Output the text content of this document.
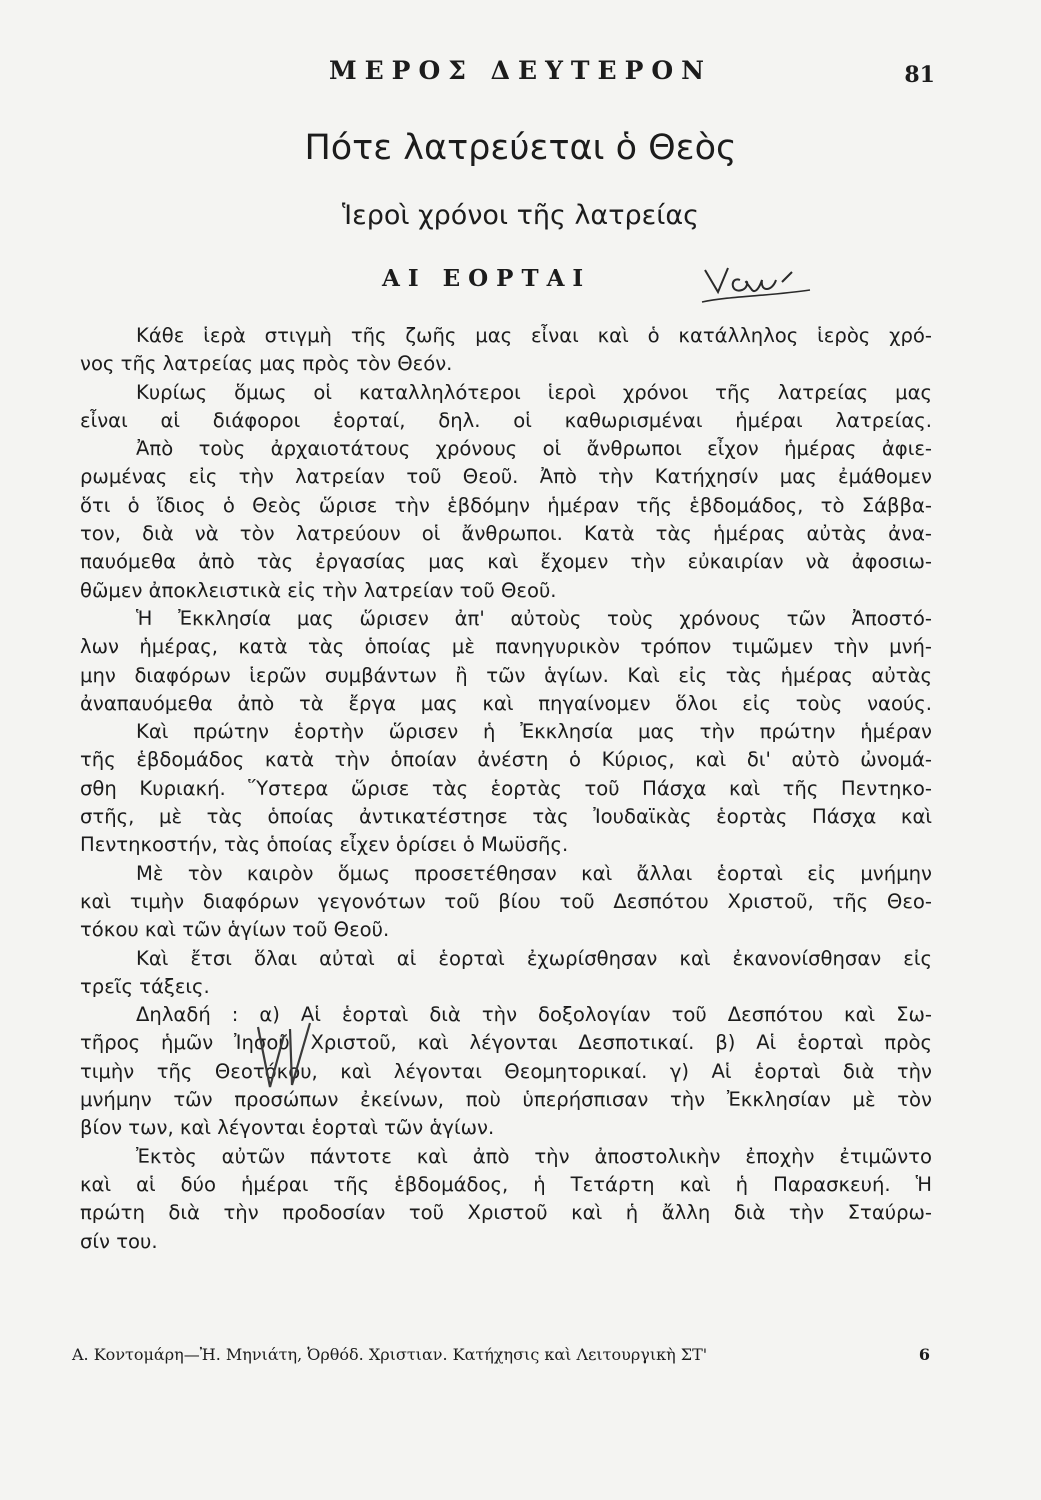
ΜΕΡΟΣ ΔΕΥΤΕΡΟΝ	81
Πότε λατρεύεται ὁ Θεὸς
Ἱεροὶ χρόνοι τῆς λατρείας
ΑΙ ΕΟΡΤΑΙ
Κάθε ἱερὰ στιγμὴ τῆς ζωῆς μας εἶναι καὶ ὁ κατάλληλος ἱερὸς χρό-
νος τῆς λατρείας μας πρὸς τὸν Θεόν.
Κυρίως ὅμως οἱ καταλληλότεροι ἱεροὶ χρόνοι τῆς λατρείας μας
εἶναι αἱ διάφοροι ἑορταί, δηλ. οἱ καθωρισμέναι ἡμέραι λατρείας.
Ἀπὸ τοὺς ἀρχαιοτάτους χρόνους οἱ ἄνθρωποι εἶχον ἡμέρας ἀφιε-
ρωμένας εἰς τὴν λατρείαν τοῦ Θεοῦ. Ἀπὸ τὴν Κατήχησίν μας ἐμάθομεν
ὅτι ὁ ἴδιος ὁ Θεὸς ὥρισε τὴν ἑβδόμην ἡμέραν τῆς ἑβδομάδος, τὸ Σάββα-
τον, διὰ νὰ τὸν λατρεύουν οἱ ἄνθρωποι. Κατὰ τὰς ἡμέρας αὐτὰς ἀνα-
παυόμεθα ἀπὸ τὰς ἐργασίας μας καὶ ἔχομεν τὴν εὐκαιρίαν νὰ ἀφοσιω-
θῶμεν ἀποκλειστικὰ εἰς τὴν λατρείαν τοῦ Θεοῦ.
Ἡ Ἐκκλησία μας ὥρισεν ἀπ' αὐτοὺς τοὺς χρόνους τῶν Ἀποστό-
λων ἡμέρας, κατὰ τὰς ὁποίας μὲ πανηγυρικὸν τρόπον τιμῶμεν τὴν μνή-
μην διαφόρων ἱερῶν συμβάντων ἢ τῶν ἁγίων. Καὶ εἰς τὰς ἡμέρας αὐτὰς
ἀναπαυόμεθα ἀπὸ τὰ ἔργα μας καὶ πηγαίνομεν ὅλοι εἰς τοὺς ναούς.
Καὶ πρώτην ἑορτὴν ὥρισεν ἡ Ἐκκλησία μας τὴν πρώτην ἡμέραν
τῆς ἑβδομάδος κατὰ τὴν ὁποίαν ἀνέστη ὁ Κύριος, καὶ δι' αὐτὸ ὠνομά-
σθη Κυριακή. Ὕστερα ὥρισε τὰς ἑορτὰς τοῦ Πάσχα καὶ τῆς Πεντηκο-
στῆς, μὲ τὰς ὁποίας ἀντικατέστησε τὰς Ἰουδαϊκὰς ἑορτὰς Πάσχα καὶ
Πεντηκοστήν, τὰς ὁποίας εἶχεν ὁρίσει ὁ Μωϋσῆς.
Μὲ τὸν καιρὸν ὅμως προσετέθησαν καὶ ἄλλαι ἑορταὶ εἰς μνήμην
καὶ τιμὴν διαφόρων γεγονότων τοῦ βίου τοῦ Δεσπότου Χριστοῦ, τῆς Θεο-
τόκου καὶ τῶν ἁγίων τοῦ Θεοῦ.
Καὶ ἔτσι ὅλαι αὐταὶ αἱ ἑορταὶ ἐχωρίσθησαν καὶ ἐκανονίσθησαν εἰς
τρεῖς τάξεις.
Δηλαδή : α) Αἱ ἑορταὶ διὰ τὴν δοξολογίαν τοῦ Δεσπότου καὶ Σω-
τῆρος ἡμῶν Ἰησοῦ Χριστοῦ, καὶ λέγονται Δεσποτικαί. β) Αἱ ἑορταὶ πρὸς
τιμὴν τῆς Θεοτόκου, καὶ λέγονται Θεομητορικαί. γ) Αἱ ἑορταὶ διὰ τὴν
μνήμην τῶν προσώπων ἐκείνων, ποὺ ὑπερήσπισαν τὴν Ἐκκλησίαν μὲ τὸν
βίον των, καὶ λέγονται ἑορταὶ τῶν ἁγίων.
Ἐκτὸς αὐτῶν πάντοτε καὶ ἀπὸ τὴν ἀποστολικὴν ἐποχὴν ἐτιμῶντο
καὶ αἱ δύο ἡμέραι τῆς ἑβδομάδος, ἡ Τετάρτη καὶ ἡ Παρασκευή. Ἡ
πρώτη διὰ τὴν προδοσίαν τοῦ Χριστοῦ καὶ ἡ ἄλλη διὰ τὴν Σταύρω-
σίν του.
Α. Κοντομάρη—Ἠ. Μηνιάτη, Ὀρθόδ. Χριστιαν. Κατήχησις καὶ Λειτουργικὴ ΣΤ'	6
